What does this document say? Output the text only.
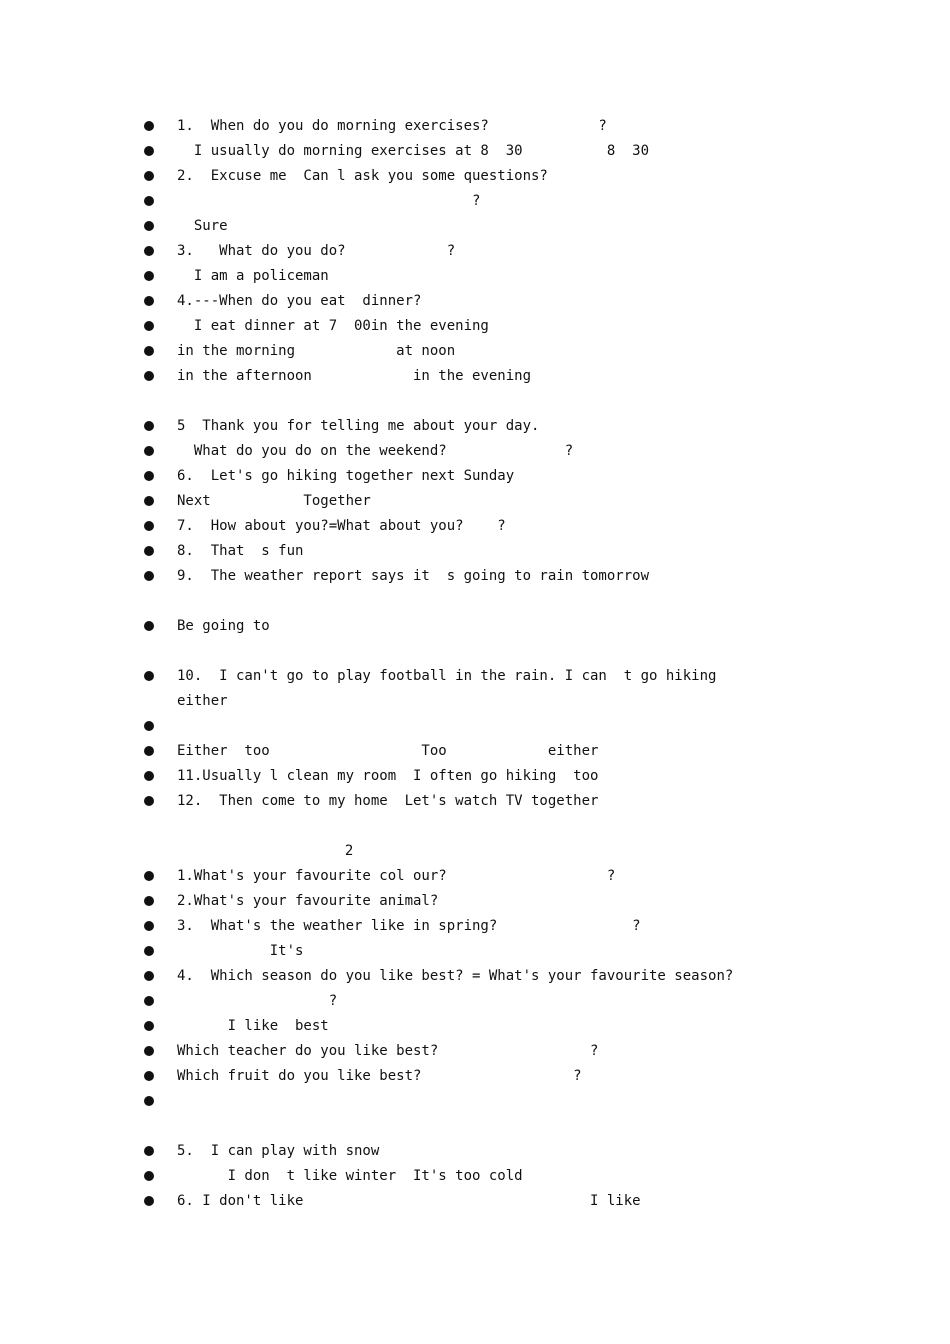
1.  When do you do morning exercises?             ?
  I usually do morning exercises at 8  30          8  30   
2.  Excuse me  Can l ask you some questions?
                                  ?
  Sure 
3.   What do you do?            ?
  I am a policeman      
4.---When do you eat  dinner?       
  I eat dinner at 7  00in the evening          
in the morning            at noon   
in the afternoon            in the evening    
5  Thank you for telling me about your day.             
  What do you do on the weekend?              ?
6.  Let's go hiking together next Sunday               
Next           Together    
7.  How about you?=What about you?    ?
8.  That  s fun     
9.  The weather report says it  s going to rain tomorrow        

Be going to                    
10.  I can't go to play football in the rain. I can  t go hiking  either  

Either  too                  Too            either             
11.Usually l clean my room  I often go hiking  too 
12.  Then come to my home  Let's watch TV together            

  2  
1.What's your favourite col our?                   ?
2.What's your favourite animal?                     
3.  What's the weather like in spring?                ?
           It's  
4.  Which season do you like best? = What's your favourite season?
                 ?
      I like  best                
Which teacher do you like best?                  ?
Which fruit do you like best?                  ?
5.  I can play with snow      
  I don  t like winter  It's too cold              
6. I don't like                                  I like  
